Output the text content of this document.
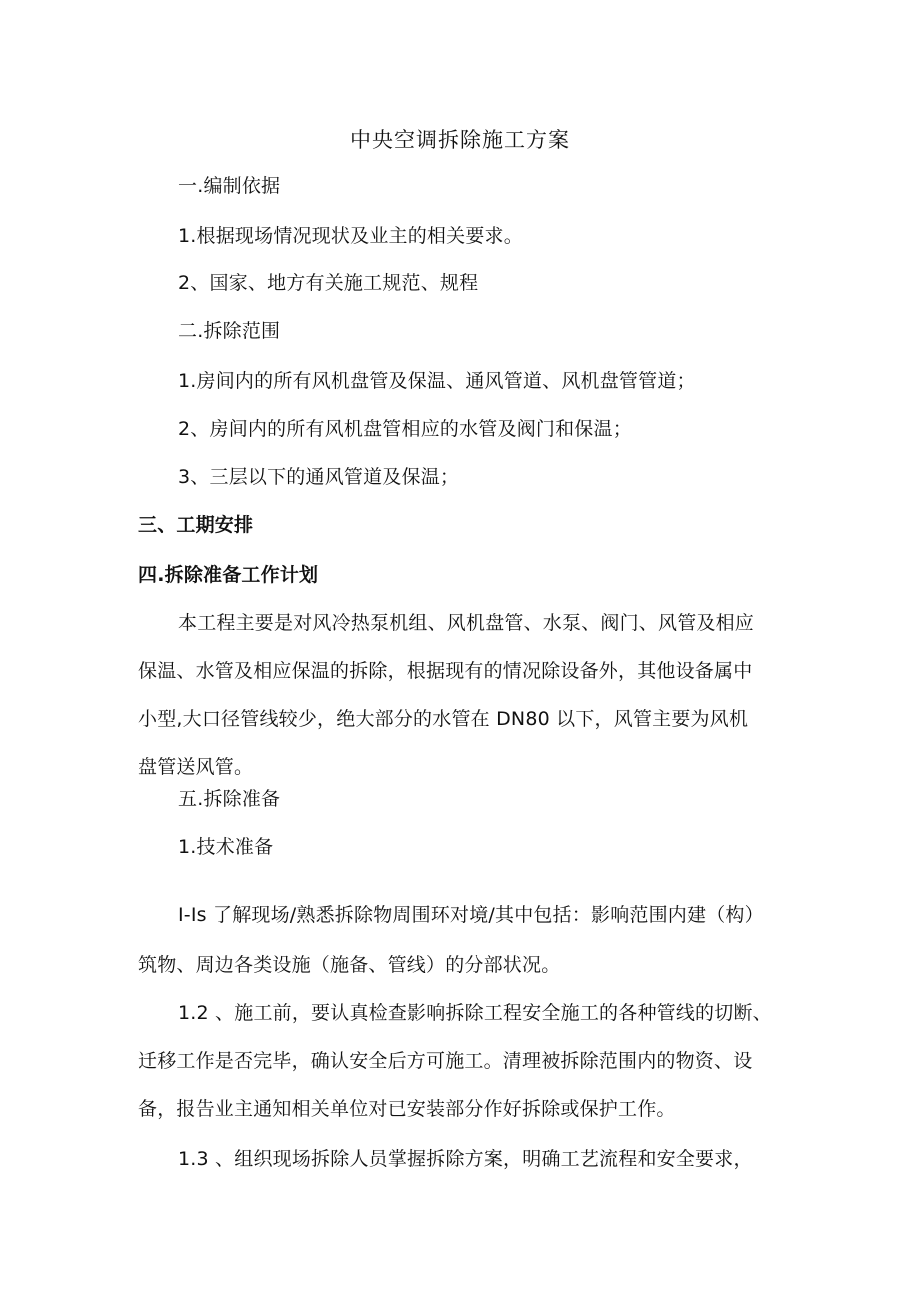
中央空调拆除施工方案
一.编制依据
1.根据现场情况现状及业主的相关要求。
2、国家、地方有关施工规范、规程
二.拆除范围
1.房间内的所有风机盘管及保温、通风管道、风机盘管管道；
2、房间内的所有风机盘管相应的水管及阀门和保温；
3、三层以下的通风管道及保温；
三、工期安排
四.拆除准备工作计划
本工程主要是对风冷热泵机组、风机盘管、水泵、阀门、风管及相应
保温、水管及相应保温的拆除，根据现有的情况除设备外，其他设备属中
小型,大口径管线较少，绝大部分的水管在 DN80 以下，风管主要为风机
盘管送风管。
五.拆除准备
1.技术准备
I-Is 了解现场/熟悉拆除物周围环对境/其中包括：影响范围内建（构）
筑物、周边各类设施（施备、管线）的分部状况。
1.2 、施工前，要认真检查影响拆除工程安全施工的各种管线的切断、
迁移工作是否完毕，确认安全后方可施工。清理被拆除范围内的物资、设
备，报告业主通知相关单位对已安装部分作好拆除或保护工作。
1.3 、组织现场拆除人员掌握拆除方案，明确工艺流程和安全要求，
